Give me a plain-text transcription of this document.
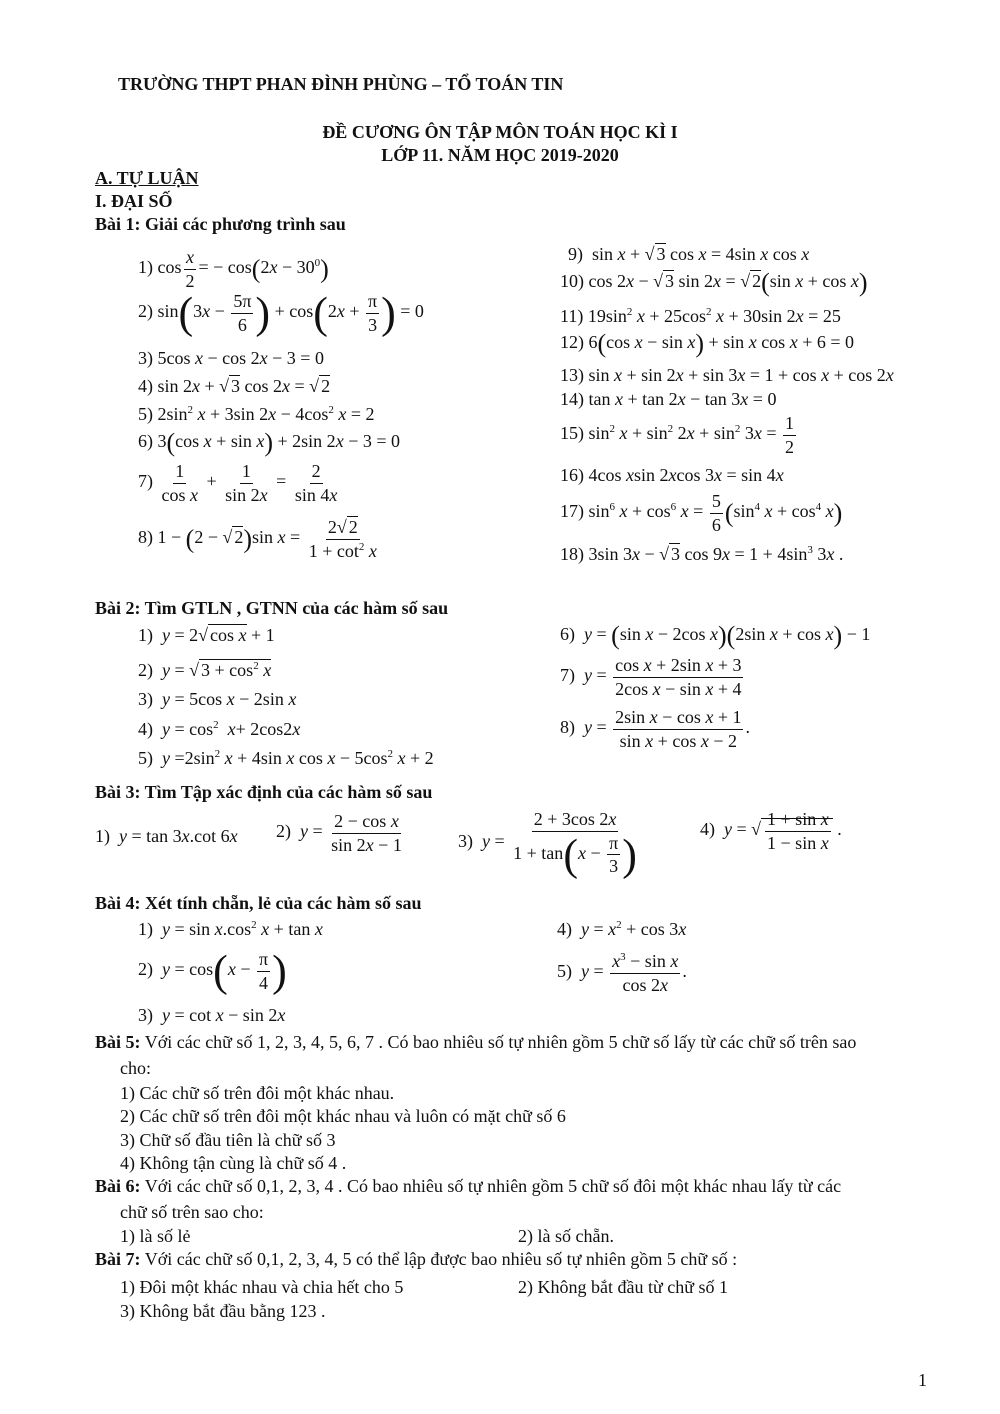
TRƯỜNG THPT PHAN ĐÌNH PHÙNG – TỔ TOÁN TIN
ĐỀ CƯƠNG ÔN TẬP MÔN TOÁN HỌC KÌ I
LỚP 11. NĂM HỌC 2019-2020
A. TỰ LUẬN
I. ĐẠI SỐ
Bài 1: Giải các phương trình sau
1) $\cos \frac{x}{2}$ = − $\cos(2x - 30^0)$
2) $\sin(3x - \frac{5\pi}{6}$ ) + $\cos(2x + \frac{\pi}{3}$ ) = 0
3) 5cos x − cos 2x − 3 = 0
4) sin 2x + √ 3 cos 2x = √ 2
5) $2\sin^2$ x + 3sin $2x - 4\cos^2$ x = 2
6) 3(cos x + sin x) + 2sin 2x − 3 = 0
$7) \frac{1}{\text{cos x}} + \frac{1}{\sin 2x} = \frac{2}{\sin 4x}$
8) 1 − (2 − √ 2)sin $x = \frac{2√ 2}{1 + \cot^2 x}$
9)  sin x + √ 3 cos x = 4sin x cos x
10) cos 2x − √ 3 sin 2x = √ 2(sin x + cos x)
11) $19\sin^2$ $x + 25\cos^2$ x + 30sin 2x = 25
12) 6(cos x − sin x) + sin x cos x + 6 = 0
13) sin x + sin 2x + sin 3x = 1 + cos x + cos 2x
14) tan x + tan 2x − tan 3x = 0
15) $\sin^2 x + \sin^2 2x + \sin^2 3x = \frac{1}{2}$
16) 4cos xsin 2xcos 3x = sin 4x
17) $\sin^6 x + \cos^6 x = \frac{5}{6} (\sin^4$ $x + \cos^4 x$)
18) 3sin 3x − √ 3 $\cos 9x = 1 + 4\sin^3$ 3x .
Bài 2: Tìm GTLN , GTNN của các hàm số sau
1)  y = 2√ cos x + 1
2)  y = √ $3 + \cos^2 x$
3)  y = 5cos x − 2sin x
4)  $y = \cos^2 x+ 2\cos 2x$
5)  $y =2\sin^2$ x + 4sin x $\cos x - 5\cos^2$ x + 2
6)  y = (sin x − 2cos x)(2sin x + cos x) − 1
7)  $y = \frac{\text{cos x + 2sin x + 3}}{\text{2cos x − sin x + 4}}$
8)  $y = \frac{\text{2sin x − cos x + 1}}{\text{sin x + cos x − 2}}$ .
Bài 3: Tìm Tập xác định của các hàm số sau
1)  y = tan 3x.cot 6x 2)  $y = \frac{\text{2 − cos x}}{\sin 2x - 1}$	3)  $y = \frac{2 + 3\cos 2x}{1 + \tan(x - \frac{\pi}{3} )}$	4)  y = √ $\frac{\text{1 + sin x}}{\text{1 − sin x}}$ .
Bài 4: Xét tính chẵn, lẻ của các hàm số sau
1)  $y = \sin x.\cos^2$ x + tan x
2)  $y = \cos(x - \frac{\pi}{4}$ )
3)  y = cot x − sin 2x
4)  $y = x^2 + \cos 3x$
5)  $y = \frac{x^3 - \sin x}{\cos 2x}$ .
Bài 5: Với các chữ số 1, 2, 3, 4, 5, 6, 7 . Có bao nhiêu số tự nhiên gồm 5 chữ số lấy từ các chữ số trên sao
cho:
1) Các chữ số trên đôi một khác nhau.
2) Các chữ số trên đôi một khác nhau và luôn có mặt chữ số 6
3) Chữ số đầu tiên là chữ số 3
4) Không tận cùng là chữ số 4 .
Bài 6: Với các chữ số 0,1, 2, 3, 4 . Có bao nhiêu số tự nhiên gồm 5 chữ số đôi một khác nhau lấy từ các
chữ số trên sao cho:
1) là số lẻ	2) là số chẵn.
Bài 7: Với các chữ số 0,1, 2, 3, 4, 5 có thể lập được bao nhiêu số tự nhiên gồm 5 chữ số :
1) Đôi một khác nhau và chia hết cho 5	2) Không bắt đầu từ chữ số 1
3) Không bắt đầu bằng 123 .
1
